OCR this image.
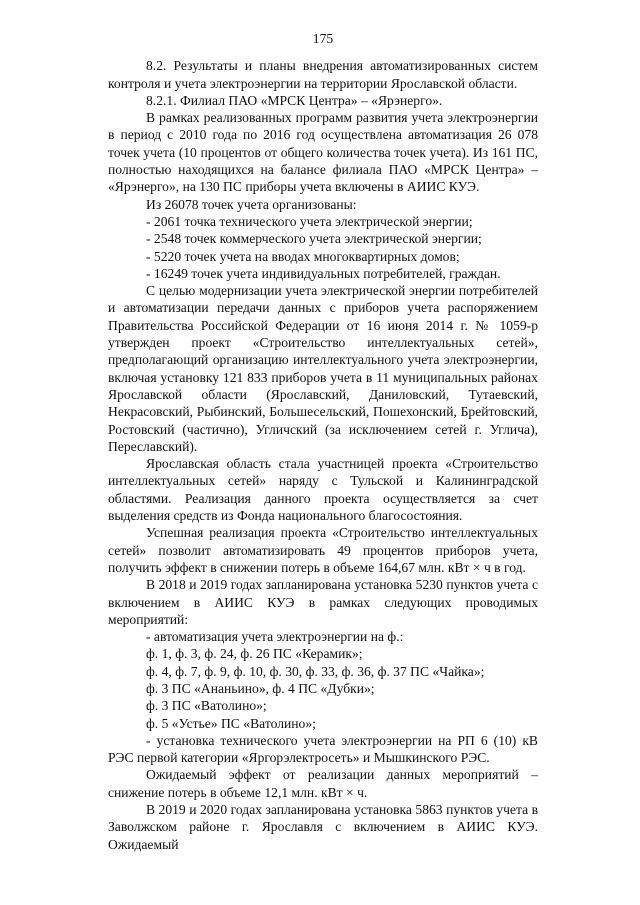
175
8.2. Результаты и планы внедрения автоматизированных систем контроля и учета электроэнергии на территории Ярославской области.
8.2.1. Филиал ПАО «МРСК Центра» – «Ярэнерго».
В рамках реализованных программ развития учета электроэнергии в период с 2010 года по 2016 год осуществлена автоматизация 26 078 точек учета (10 процентов от общего количества точек учета). Из 161 ПС, полностью находящихся на балансе филиала ПАО «МРСК Центра» – «Ярэнерго», на 130 ПС приборы учета включены в АИИС КУЭ.
Из 26078 точек учета организованы:
- 2061 точка технического учета электрической энергии;
- 2548 точек коммерческого учета электрической энергии;
- 5220 точек учета на вводах многоквартирных домов;
- 16249 точек учета индивидуальных потребителей, граждан.
С целью модернизации учета электрической энергии потребителей и автоматизации передачи данных с приборов учета распоряжением Правительства Российской Федерации от 16 июня 2014 г. № 1059-р утвержден проект «Строительство интеллектуальных сетей», предполагающий организацию интеллектуального учета электроэнергии, включая установку 121 833 приборов учета в 11 муниципальных районах Ярославской области (Ярославский, Даниловский, Тутаевский, Некрасовский, Рыбинский, Большесельский, Пошехонский, Брейтовский, Ростовский (частично), Угличский (за исключением сетей г. Углича), Переславский).
Ярославская область стала участницей проекта «Строительство интеллектуальных сетей» наряду с Тульской и Калининградской областями. Реализация данного проекта осуществляется за счет выделения средств из Фонда национального благосостояния.
Успешная реализация проекта «Строительство интеллектуальных сетей» позволит автоматизировать 49 процентов приборов учета, получить эффект в снижении потерь в объеме 164,67 млн. кВт × ч в год.
В 2018 и 2019 годах запланирована установка 5230 пунктов учета с включением в АИИС КУЭ в рамках следующих проводимых мероприятий:
- автоматизация учета электроэнергии на ф.:
ф. 1, ф. 3, ф. 24, ф. 26 ПС «Керамик»;
ф. 4, ф. 7, ф. 9, ф. 10, ф. 30, ф. 33, ф. 36, ф. 37 ПС «Чайка»;
ф. 3 ПС «Ананьино», ф. 4 ПС «Дубки»;
ф. 3 ПС «Ватолино»;
ф. 5 «Устье» ПС «Ватолино»;
- установка технического учета электроэнергии на РП 6 (10) кВ РЭС первой категории «Яргорэлектросеть» и Мышкинского РЭС.
Ожидаемый эффект от реализации данных мероприятий – снижение потерь в объеме 12,1 млн. кВт × ч.
В 2019 и 2020 годах запланирована установка 5863 пунктов учета в Заволжском районе г. Ярославля с включением в АИИС КУЭ. Ожидаемый
